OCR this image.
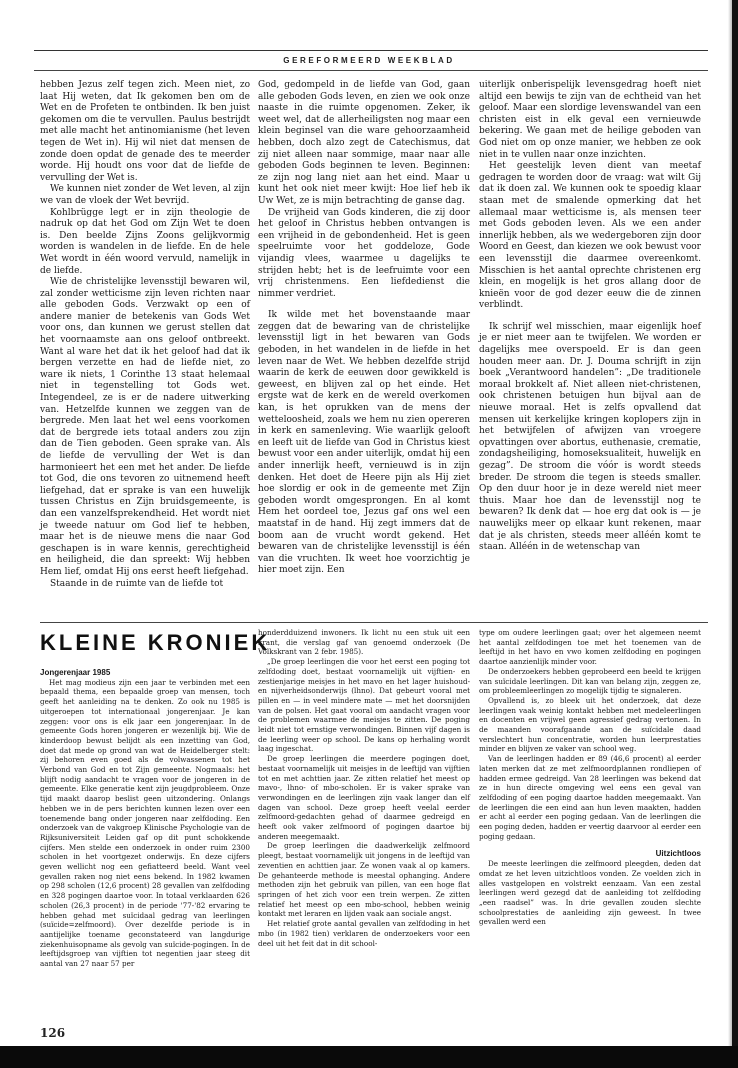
GEREFORMEERD WEEKBLAD

hebben Jezus zelf tegen zich. Meen niet, zo laat Hij weten, dat Ik gekomen ben om de Wet en de Profeten te ontbinden. Ik ben juist gekomen om die te vervullen. Paulus bestrijdt met alle macht het antinomianisme (het leven tegen de Wet in). Hij wil niet dat mensen de zonde doen opdat de genade des te meerder worde. Hij houdt ons voor dat de liefde de vervulling der Wet is.

We kunnen niet zonder de Wet leven, al zijn we van de vloek der Wet bevrijd.

Kohlbrügge legt er in zijn theologie de nadruk op dat het God om Zijn Wet te doen is. Den beelde Zijns Zoons gelijkvormig worden is wandelen in de liefde. En de hele Wet wordt in één woord vervuld, namelijk in de liefde.

Wie de christelijke levensstijl bewaren wil, zal zonder wetticisme zijn leven richten naar alle geboden Gods. Verzwakt op een of andere manier de betekenis van Gods Wet voor ons, dan kunnen we gerust stellen dat het voornaamste aan ons geloof ontbreekt. Want al ware het dat ik het geloof had dat ik bergen verzette en had de liefde niet, zo ware ik niets, 1 Corinthe 13 staat helemaal niet in tegenstelling tot Gods wet. Integendeel, ze is er de nadere uitwerking van. Hetzelfde kunnen we zeggen van de bergrede. Men laat het wel eens voorkomen dat de bergrede iets totaal anders zou zijn dan de Tien geboden. Geen sprake van. Als de liefde de vervulling der Wet is dan harmonieert het een met het ander. De liefde tot God, die ons tevoren zo uitnemend heeft liefgehad, dat er sprake is van een huwelijk tussen Christus en Zijn bruidsgemeente, is dan een vanzelfsprekendheid. Het wordt niet je tweede natuur om God lief te hebben, maar het is de nieuwe mens die naar God geschapen is in ware kennis, gerechtigheid en heiligheid, die dan spreekt: Wij hebben Hem lief, omdat Hij ons eerst heeft liefgehad.

Staande in de ruimte van de liefde tot

God, gedompeld in de liefde van God, gaan alle geboden Gods leven, en zien we ook onze naaste in die ruimte opgenomen. Zeker, ik weet wel, dat de allerheiligsten nog maar een klein beginsel van die ware gehoorzaamheid hebben, doch alzo zegt de Catechismus, dat zij niet alleen naar sommige, maar naar alle geboden Gods beginnen te leven. Beginnen: ze zijn nog lang niet aan het eind. Maar u kunt het ook niet meer kwijt: Hoe lief heb ik Uw Wet, ze is mijn betrachting de ganse dag.

De vrijheid van Gods kinderen, die zij door het geloof in Christus hebben ontvangen is een vrijheid in de gebondenheid. Het is geen speelruimte voor het goddeloze, Gode vijandig vlees, waarmee u dagelijks te strijden hebt; het is de leefruimte voor een vrij christenmens. Een liefdedienst die nimmer verdriet.

Ik wilde met het bovenstaande maar zeggen dat de bewaring van de christelijke levensstijl ligt in het bewaren van Gods geboden, in het wandelen in de liefde in het leven naar de Wet. We hebben dezelfde strijd waarin de kerk de eeuwen door gewikkeld is geweest, en blijven zal op het einde. Het ergste wat de kerk en de wereld overkomen kan, is het oprukken van de mens der wetteloosheid, zoals we hem nu zien opereren in kerk en samenleving. Wie waarlijk gelooft en leeft uit de liefde van God in Christus kiest bewust voor een ander uiterlijk, omdat hij een ander innerlijk heeft, vernieuwd is in zijn denken. Het doet de Heere pijn als Hij ziet hoe slordig er ook in de gemeente met Zijn geboden wordt omgesprongen. En al komt Hem het oordeel toe, Jezus gaf ons wel een maatstaf in de hand. Hij zegt immers dat de boom aan de vrucht wordt gekend. Het bewaren van de christelijke levensstijl is één van die vruchten. Ik weet hoe voorzichtig je hier moet zijn. Een

uiterlijk onberispelijk levensgedrag hoeft niet altijd een bewijs te zijn van de echtheid van het geloof. Maar een slordige levenswandel van een christen eist in elk geval een vernieuwde bekering. We gaan met de heilige geboden van God niet om op onze manier, we hebben ze ook niet in te vullen naar onze inzichten.

Het geestelijk leven dient van meetaf gedragen te worden door de vraag: wat wilt Gij dat ik doen zal. We kunnen ook te spoedig klaar staan met de smalende opmerking dat het allemaal maar wetticisme is, als mensen teer met Gods geboden leven. Als we een ander innerlijk hebben, als we wedergeboren zijn door Woord en Geest, dan kiezen we ook bewust voor een levensstijl die daarmee overeenkomt. Misschien is het aantal oprechte christenen erg klein, en mogelijk is het gros allang door de knieën voor de god dezer eeuw die de zinnen verblindt.

Ik schrijf wel misschien, maar eigenlijk hoef je er niet meer aan te twijfelen. We worden er dagelijks mee overspoeld. Er is dan geen houden meer aan. Dr. J. Douma schrijft in zijn boek „Verantwoord handelen”: „De traditionele moraal brokkelt af. Niet alleen niet-christenen, ook christenen betuigen hun bijval aan de nieuwe moraal. Het is zelfs opvallend dat mensen uit kerkelijke kringen koplopers zijn in het betwijfelen of afwijzen van vroegere opvattingen over abortus, euthenasie, crematie, zondagsheiliging, homoseksualiteit, huwelijk en gezag”. De stroom die vóór is wordt steeds breder. De stroom die tegen is steeds smaller. Op den duur hoor je in deze wereld niet meer thuis. Maar hoe dan de levensstijl nog te bewaren? Ik denk dat — hoe erg dat ook is — je nauwelijks meer op elkaar kunt rekenen, maar dat je als christen, steeds meer alléén komt te staan. Alléén in de wetenschap van

KLEINE KRONIEK

Jongerenjaar 1985

Het mag modieus zijn een jaar te verbinden met een bepaald thema, een bepaalde groep van mensen, toch geeft het aanleiding na te denken. Zo ook nu 1985 is uitgeroepen tot internationaal jongerenjaar. Je kan zeggen: voor ons is elk jaar een jongerenjaar. In de gemeente Gods horen jongeren er wezenlijk bij. Wie de kinderdoop bewust belijdt als een inzetting van God, doet dat mede op grond van wat de Heidelberger stelt: zij behoren even goed als de volwassenen tot het Verbond van God en tot Zijn gemeente. Nogmaals: het blijft nodig aandacht te vragen voor de jongeren in de gemeente. Elke generatie kent zijn jeugdprobleem. Onze tijd maakt daarop beslist geen uitzondering. Onlangs hebben we in de pers berichten kunnen lezen over een toenemende bang onder jongeren naar zelfdoding. Een onderzoek van de vakgroep Klinische Psychologie van de Rijksuniversiteit Leiden gaf op dit punt schokkende cijfers. Men stelde een onderzoek in onder ruim 2300 scholen in het voortgezet onderwijs. En deze cijfers geven wellicht nog een gefiatteerd beeld. Want veel gevallen raken nog niet eens bekend. In 1982 kwamen op 298 scholen (12,6 procent) 28 gevallen van zelfdoding en 328 pogingen daartoe voor. In totaal verklaarden 626 scholen (26,3 procent) in de periode '77-'82 ervaring te hebben gehad met suïcidaal gedrag van leerlingen (suïcide=zelfmoord). Over dezelfde periode is in aantijelijke toename geconstateerd van langdurige ziekenhuisopname als gevolg van suïcide-pogingen. In de leeftijdsgroep van vijftien tot negentien jaar steeg dit aantal van 27 naar 57 per

honderdduizend inwoners. Ik licht nu een stuk uit een krant, die verslag gaf van genoemd onderzoek (De Volkskrant van 2 febr. 1985).

„De groep leerlingen die voor het eerst een poging tot zelfdoding doet, bestaat voornamelijk uit vijftien- en zestienjarige meisjes in het mavo en het lager huishoud- en nijverheidsonderwijs (lhno). Dat gebeurt vooral met pillen en — in veel mindere mate — met het doorsnijden van de polsen. Het gaat vooral om aandacht vragen voor de problemen waarmee de meisjes te zitten. De poging leidt niet tot ernstige verwondingen. Binnen vijf dagen is de leerling weer op school. De kans op herhaling wordt laag ingeschat.

De groep leerlingen die meerdere pogingen doet, bestaat voornamelijk uit meisjes in de leeftijd van vijftien tot en met achttien jaar. Ze zitten relatief het meest op mavo-, lhno- of mbo-scholen. Er is vaker sprake van verwondingen en de leerlingen zijn vaak langer dan elf dagen van school. Deze groep heeft veelal eerder zelfmoord-gedachten gehad of daarmee gedreigd en heeft ook vaker zelfmoord of pogingen daartoe bij anderen meegemaakt.

De groep leerlingen die daadwerkelijk zelfmoord pleegt, bestaat voornamelijk uit jongens in de leeftijd van zeventien en achttien jaar. Ze wonen vaak al op kamers. De gehanteerde methode is meestal ophanging. Andere methoden zijn het gebruik van pillen, van een hoge flat springen of het zich voor een trein werpen. Ze zitten relatief het meest op een mbo-school, hebben weinig kontakt met leraren en lijden vaak aan sociale angst.

Het relatief grote aantal gevallen van zelfdoding in het mbo (in 1982 tien) verklaren de onderzoekers voor een deel uit het feit dat in dit school-

type om oudere leerlingen gaat; over het algemeen neemt het aantal zelfdodingen toe met het toenemen van de leeftijd in het havo en vwo komen zelfdoding en pogingen daartoe aanzienlijk minder voor.

De onderzoekers hebben geprobeerd een beeld te krijgen van suïcidale leerlingen. Dit kan van belang zijn, zeggen ze, om probleemleerlingen zo mogelijk tijdig te signaleren.

Opvallend is, zo bleek uit het onderzoek, dat deze leerlingen vaak weinig kontakt hebben met medeleerlingen en docenten en vrijwel geen agressief gedrag vertonen. In de maanden voorafgaande aan de suïcidale daad verslechtert hun concentratie, worden hun leerprestaties minder en blijven ze vaker van school weg.

Van de leerlingen hadden er 89 (46,6 procent) al eerder laten merken dat ze met zelfmoordplannen rondliepen of hadden ermee gedreigd. Van 28 leerlingen was bekend dat ze in hun directe omgeving wel eens een geval van zelfdoding of een poging daartoe hadden meegemaakt. Van de leerlingen die een eind aan hun leven maakten, hadden er acht al eerder een poging gedaan. Van de leerlingen die een poging deden, hadden er veertig daarvoor al eerder een poging gedaan.

Uitzichtloos

De meeste leerlingen die zelfmoord pleegden, deden dat omdat ze het leven uitzichtloos vonden. Ze voelden zich in alles vastgelopen en volstrekt eenzaam. Van een zestal leerlingen werd gezegd dat de aanleiding tot zelfdoding „een raadsel” was. In drie gevallen zouden slechte schoolprestaties de aanleiding zijn geweest. In twee gevallen werd een

126
